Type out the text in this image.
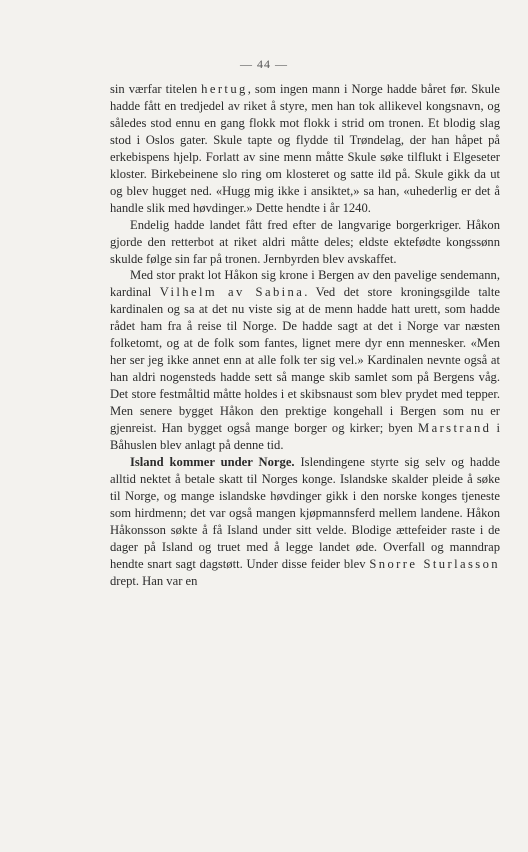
— 44 —

sin værfar titelen hertug, som ingen mann i Norge hadde båret før. Skule hadde fått en tredjedel av riket å styre, men han tok allikevel kongsnavn, og således stod ennu en gang flokk mot flokk i strid om tronen. Et blodig slag stod i Oslos gater. Skule tapte og flydde til Trøndelag, der han håpet på erkebispens hjelp. Forlatt av sine menn måtte Skule søke tilflukt i Elgeseter kloster. Birkebeinene slo ring om klosteret og satte ild på. Skule gikk da ut og blev hugget ned. «Hugg mig ikke i ansiktet,» sa han, «uhederlig er det å handle slik med høvdinger.» Dette hendte i år 1240.

Endelig hadde landet fått fred efter de langvarige borgerkriger. Håkon gjorde den retterbot at riket aldri måtte deles; eldste ektefødte kongssønn skulde følge sin far på tronen. Jernbyrden blev avskaffet.

Med stor prakt lot Håkon sig krone i Bergen av den pavelige sendemann, kardinal Vilhelm av Sabina. Ved det store kroningsgilde talte kardinalen og sa at det nu viste sig at de menn hadde hatt urett, som hadde rådet ham fra å reise til Norge. De hadde sagt at det i Norge var næsten folketomt, og at de folk som fantes, lignet mere dyr enn mennesker. «Men her ser jeg ikke annet enn at alle folk ter sig vel.» Kardinalen nevnte også at han aldri nogensteds hadde sett så mange skib samlet som på Bergens våg. Det store festmåltid måtte holdes i et skibsnaust som blev prydet med tepper. Men senere bygget Håkon den prektige kongehall i Bergen som nu er gjenreist. Han bygget også mange borger og kirker; byen Marstrand i Båhuslen blev anlagt på denne tid.

Island kommer under Norge. Islendingene styrte sig selv og hadde alltid nektet å betale skatt til Norges konge. Islandske skalder pleide å søke til Norge, og mange islandske høvdinger gikk i den norske konges tjeneste som hirdmenn; det var også mangen kjøpmannsferd mellem landene. Håkon Håkonsson søkte å få Island under sitt velde. Blodige ættefeider raste i de dager på Island og truet med å legge landet øde. Overfall og manndrap hendte snart sagt dagstøtt. Under disse feider blev Snorre Sturlasson drept. Han var en
